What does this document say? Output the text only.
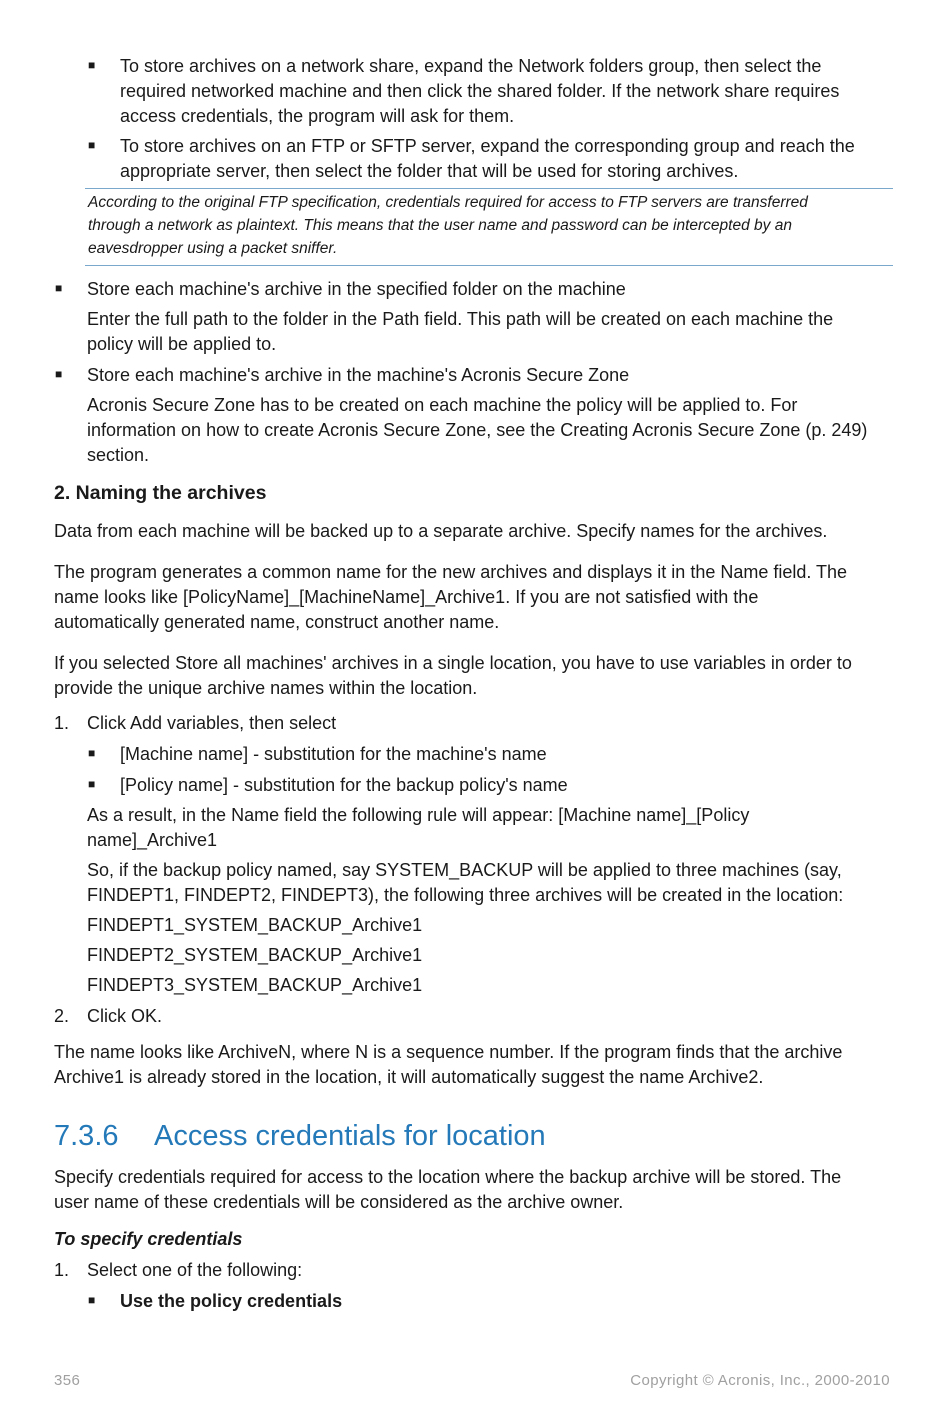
■
To store archives on a network share, expand the Network folders group, then select the
required networked machine and then click the shared folder. If the network share requires
access credentials, the program will ask for them.
■
To store archives on an FTP or SFTP server, expand the corresponding group and reach the
appropriate server, then select the folder that will be used for storing archives.
According to the original FTP specification, credentials required for access to FTP servers are transferred
through a network as plaintext. This means that the user name and password can be intercepted by an
eavesdropper using a packet sniffer.
■
Store each machine's archive in the specified folder on the machine
Enter the full path to the folder in the Path field. This path will be created on each machine the
policy will be applied to.
■
Store each machine's archive in the machine's Acronis Secure Zone
Acronis Secure Zone has to be created on each machine the policy will be applied to. For
information on how to create Acronis Secure Zone, see the Creating Acronis Secure Zone (p. 249)
section.
2. Naming the archives
Data from each machine will be backed up to a separate archive. Specify names for the archives.
The program generates a common name for the new archives and displays it in the Name field. The
name looks like [PolicyName]_[MachineName]_Archive1. If you are not satisfied with the
automatically generated name, construct another name.
If you selected Store all machines' archives in a single location, you have to use variables in order to
provide the unique archive names within the location.
1. Click Add variables, then select
■
[Machine name] - substitution for the machine's name
■
[Policy name] - substitution for the backup policy's name
As a result, in the Name field the following rule will appear: [Machine name]_[Policy
name]_Archive1
So, if the backup policy named, say SYSTEM_BACKUP will be applied to three machines (say,
FINDEPT1, FINDEPT2, FINDEPT3), the following three archives will be created in the location:
FINDEPT1_SYSTEM_BACKUP_Archive1
FINDEPT2_SYSTEM_BACKUP_Archive1
FINDEPT3_SYSTEM_BACKUP_Archive1
2. Click OK.
The name looks like ArchiveN, where N is a sequence number. If the program finds that the archive
Archive1 is already stored in the location, it will automatically suggest the name Archive2.
7.3.6 Access credentials for location
Specify credentials required for access to the location where the backup archive will be stored. The
user name of these credentials will be considered as the archive owner.
To specify credentials
1. Select one of the following:
■
Use the policy credentials
356	Copyright © Acronis, Inc., 2000-2010
